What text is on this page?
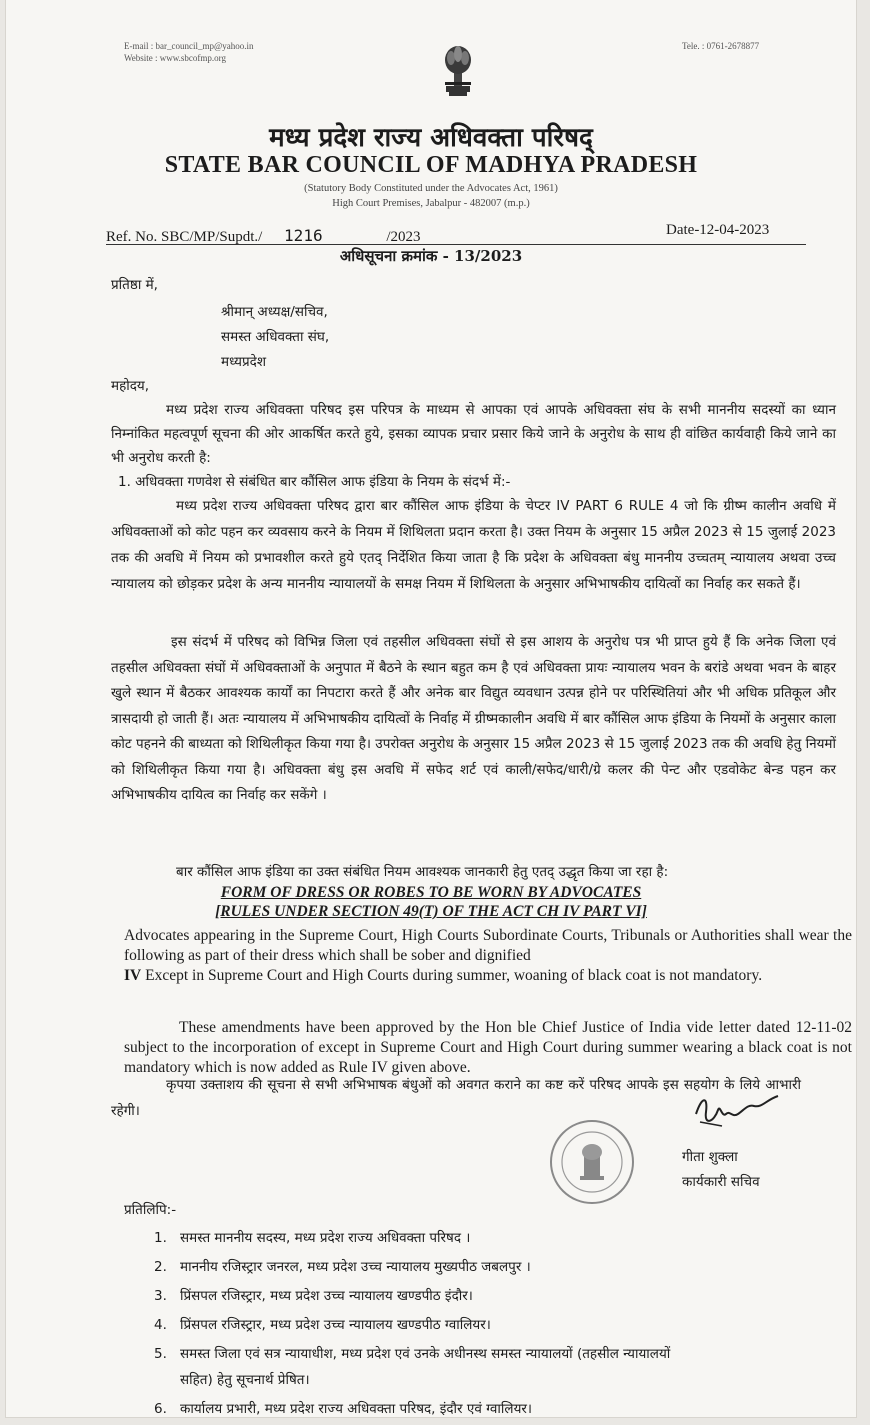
E-mail : bar_council_mp@yahoo.in
Website : www.sbcofmp.org
Tele. : 0761-2678877
मध्य प्रदेश राज्य अधिवक्ता परिषद्
STATE BAR COUNCIL OF MADHYA PRADESH
(Statutory Body Constituted under the Advocates Act, 1961)
High Court Premises, Jabalpur - 482007 (m.p.)
Ref. No. SBC/MP/Supdt./ 1216	/2023	Date-12-04-2023
अधिसूचना क्रमांक - 13/2023
प्रतिष्ठा में,
श्रीमान् अध्यक्ष/सचिव,
समस्त अधिवक्ता संघ,
मध्यप्रदेश
महोदय,
मध्य प्रदेश राज्य अधिवक्ता परिषद इस परिपत्र के माध्यम से आपका एवं आपके अधिवक्ता संघ के सभी माननीय सदस्यों का ध्यान निम्नांकित महत्वपूर्ण सूचना की ओर आकर्षित करते हुये, इसका व्यापक प्रचार प्रसार किये जाने के अनुरोध के साथ ही वांछित कार्यवाही किये जाने का भी अनुरोध करती है:
1. अधिवक्ता गणवेश से संबंधित बार कौंसिल आफ इंडिया के नियम के संदर्भ में:-
मध्य प्रदेश राज्य अधिवक्ता परिषद द्वारा बार कौंसिल आफ इंडिया के चेप्टर IV PART 6 RULE 4 जो कि ग्रीष्म कालीन अवधि में अधिवक्ताओं को कोट पहन कर व्यवसाय करने के नियम में शिथिलता प्रदान करता है। उक्त नियम के अनुसार 15 अप्रैल 2023 से 15 जुलाई 2023 तक की अवधि में नियम को प्रभावशील करते हुये एतद् निर्देशित किया जाता है कि प्रदेश के अधिवक्ता बंधु माननीय उच्चतम् न्यायालय अथवा उच्च न्यायालय को छोड़कर प्रदेश के अन्य माननीय न्यायालयों के समक्ष नियम में शिथिलता के अनुसार अभिभाषकीय दायित्वों का निर्वाह कर सकते हैं।
इस संदर्भ में परिषद को विभिन्न जिला एवं तहसील अधिवक्ता संघों से इस आशय के अनुरोध पत्र भी प्राप्त हुये हैं कि अनेक जिला एवं तहसील अधिवक्ता संघों में अधिवक्ताओं के अनुपात में बैठने के स्थान बहुत कम है एवं अधिवक्ता प्रायः न्यायालय भवन के बरांडे अथवा भवन के बाहर खुले स्थान में बैठकर आवश्यक कार्यों का निपटारा करते हैं और अनेक बार विद्युत व्यवधान उत्पन्न होने पर परिस्थितियां और भी अधिक प्रतिकूल और त्रासदायी हो जाती हैं। अतः न्यायालय में अभिभाषकीय दायित्वों के निर्वाह में ग्रीष्मकालीन अवधि में बार कौंसिल आफ इंडिया के नियमों के अनुसार काला कोट पहनने की बाध्यता को शिथिलीकृत किया गया है। उपरोक्त अनुरोध के अनुसार 15 अप्रैल 2023 से 15 जुलाई 2023 तक की अवधि हेतु नियमों को शिथिलीकृत किया गया है। अधिवक्ता बंधु इस अवधि में सफेद शर्ट एवं काली/सफेद/धारी/ग्रे कलर की पेन्ट और एडवोकेट बेन्ड पहन कर अभिभाषकीय दायित्व का निर्वाह कर सकेंगे ।
बार कौंसिल आफ इंडिया का उक्त संबंधित नियम आवश्यक जानकारी हेतु एतद् उद्धृत किया जा रहा है:
FORM OF DRESS OR ROBES TO BE WORN BY ADVOCATES
[RULES UNDER SECTION 49(T) OF THE ACT CH IV PART VI]
Advocates appearing in the Supreme Court, High Courts Subordinate Courts, Tribunals or Authorities shall wear the following as part of their dress which shall be sober and dignified
IV Except in Supreme Court and High Courts during summer, woaning of black coat is not mandatory.
These amendments have been approved by the Hon ble Chief Justice of India vide letter dated 12-11-02 subject to the incorporation of except in Supreme Court and High Court during summer wearing a black coat is not mandatory which is now added as Rule IV given above.
कृपया उक्ताशय की सूचना से सभी अभिभाषक बंधुओं को अवगत कराने का कष्ट करें परिषद आपके इस सहयोग के लिये आभारी रहेगी।
गीता शुक्ला
कार्यकारी सचिव
प्रतिलिपि:-
1. समस्त माननीय सदस्य, मध्य प्रदेश राज्य अधिवक्ता परिषद ।
2. माननीय रजिस्ट्रार जनरल, मध्य प्रदेश उच्च न्यायालय मुख्यपीठ जबलपुर ।
3. प्रिंसपल रजिस्ट्रार, मध्य प्रदेश उच्च न्यायालय खण्डपीठ इंदौर।
4. प्रिंसपल रजिस्ट्रार, मध्य प्रदेश उच्च न्यायालय खण्डपीठ ग्वालियर।
5. समस्त जिला एवं सत्र न्यायाधीश, मध्य प्रदेश एवं उनके अधीनस्थ समस्त न्यायालयों (तहसील न्यायालयों
सहित) हेतु सूचनार्थ प्रेषित।
6. कार्यालय प्रभारी, मध्य प्रदेश राज्य अधिवक्ता परिषद, इंदौर एवं ग्वालियर।
